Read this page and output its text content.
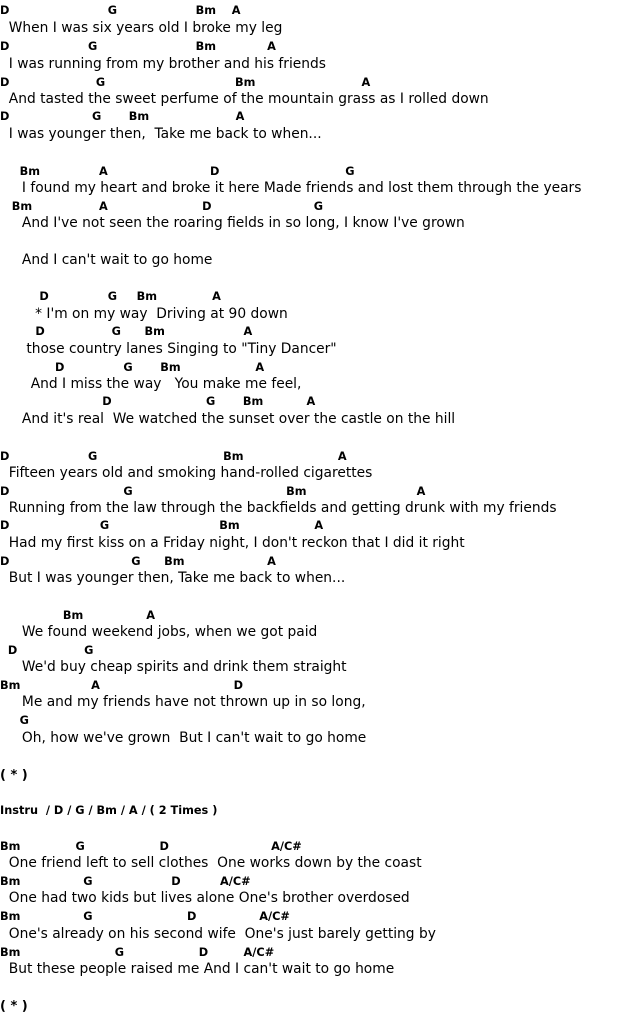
D                         G                    Bm    A
When I was six years old I broke my leg
D                    G                         Bm             A
I was running from my brother and his friends
D                      G                                 Bm                           A
And tasted the sweet perfume of the mountain grass as I rolled down
D                     G       Bm                      A
I was younger then,  Take me back to when...
Bm               A                          D                                G
I found my heart and broke it here Made friends and lost them through the years
Bm                 A                        D                          G
And I've not seen the roaring fields in so long, I know I've grown
And I can't wait to go home
D               G     Bm              A
* I'm on my way  Driving at 90 down
D                 G      Bm                    A
those country lanes Singing to "Tiny Dancer"
D               G       Bm                   A
And I miss the way   You make me feel,
D                        G       Bm           A
And it's real  We watched the sunset over the castle on the hill
D                    G                                Bm                        A
Fifteen years old and smoking hand-rolled cigarettes
D                             G                                       Bm                            A
Running from the law through the backfields and getting drunk with my friends
D                       G                            Bm                   A
Had my first kiss on a Friday night, I don't reckon that I did it right
D                               G      Bm                     A
But I was younger then, Take me back to when...
Bm                A
We found weekend jobs, when we got paid
D                 G
We'd buy cheap spirits and drink them straight
Bm                  A                                  D
Me and my friends have not thrown up in so long,
G
Oh, how we've grown  But I can't wait to go home
( * )
Instru  / D / G / Bm / A / ( 2 Times )
Bm              G                   D                          A/C#
One friend left to sell clothes  One works down by the coast
Bm                G                    D          A/C#
One had two kids but lives alone One's brother overdosed
Bm                G                        D                A/C#
One's already on his second wife  One's just barely getting by
Bm                        G                   D         A/C#
But these people raised me And I can't wait to go home
( * )
